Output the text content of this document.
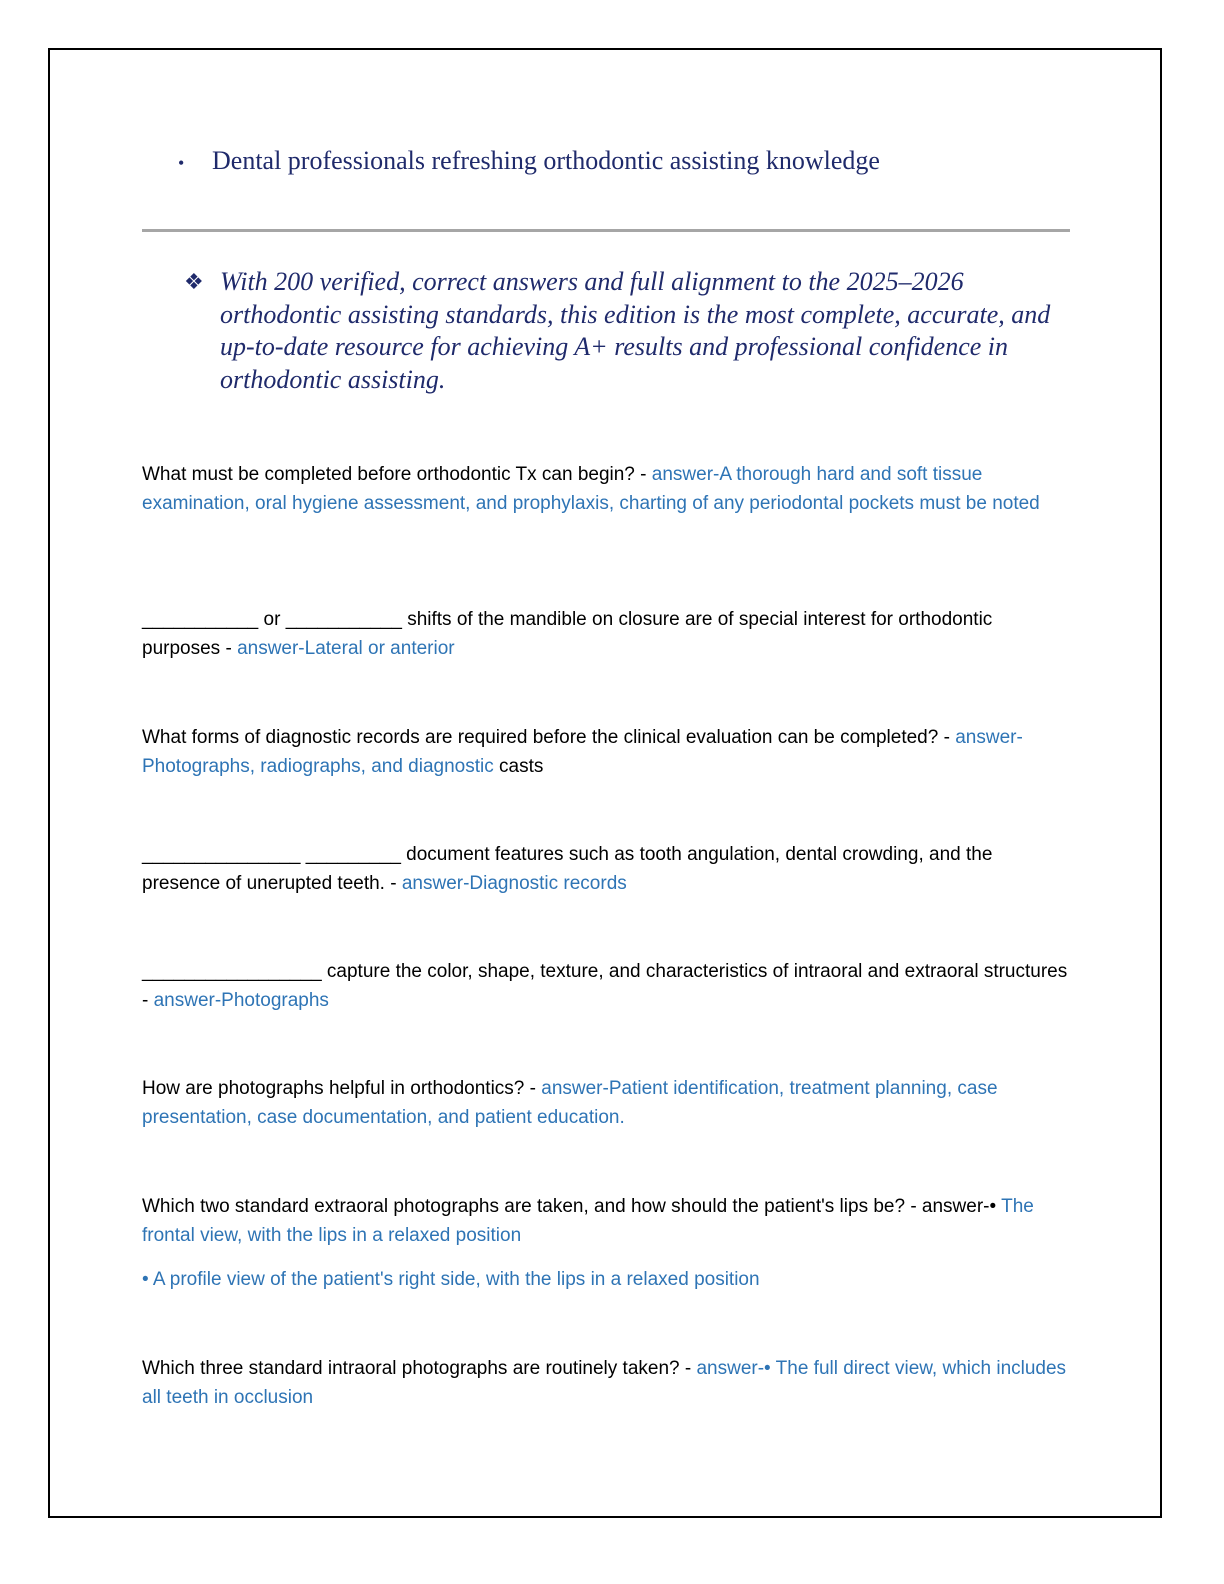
• Dental professionals refreshing orthodontic assisting knowledge
❖ With 200 verified, correct answers and full alignment to the 2025–2026 orthodontic assisting standards, this edition is the most complete, accurate, and up-to-date resource for achieving A+ results and professional confidence in orthodontic assisting.
What must be completed before orthodontic Tx can begin? - answer-A thorough hard and soft tissue examination, oral hygiene assessment, and prophylaxis, charting of any periodontal pockets must be noted
___________ or ___________ shifts of the mandible on closure are of special interest for orthodontic purposes - answer-Lateral or anterior
What forms of diagnostic records are required before the clinical evaluation can be completed? - answer-Photographs, radiographs, and diagnostic casts
_______________ _________ document features such as tooth angulation, dental crowding, and the presence of unerupted teeth. - answer-Diagnostic records
_________________ capture the color, shape, texture, and characteristics of intraoral and extraoral structures - answer-Photographs
How are photographs helpful in orthodontics? - answer-Patient identification, treatment planning, case presentation, case documentation, and patient education.
Which two standard extraoral photographs are taken, and how should the patient's lips be? - answer-• The frontal view, with the lips in a relaxed position
• A profile view of the patient's right side, with the lips in a relaxed position
Which three standard intraoral photographs are routinely taken? - answer-• The full direct view, which includes all teeth in occlusion
